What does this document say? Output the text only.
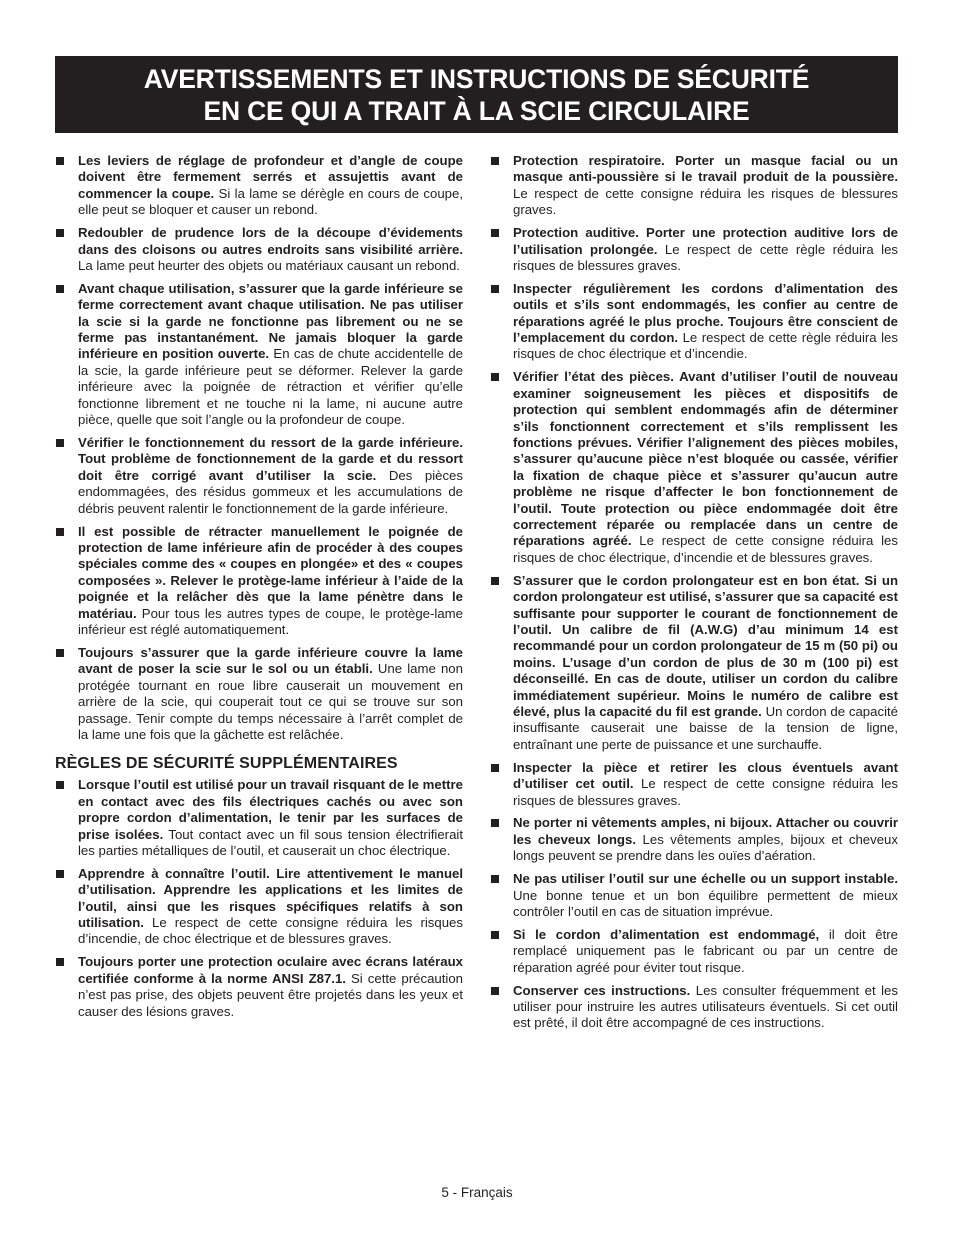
AVERTISSEMENTS ET INSTRUCTIONS DE SÉCURITÉ
EN CE QUI A TRAIT À LA SCIE CIRCULAIRE
Les leviers de réglage de profondeur et d’angle de coupe doivent être fermement serrés et assujettis avant de commencer la coupe. Si la lame se dérègle en cours de coupe, elle peut se bloquer et causer un rebond.
Redoubler de prudence lors de la découpe d’évidements dans des cloisons ou autres endroits sans visibilité arrière. La lame peut heurter des objets ou matériaux causant un rebond.
Avant chaque utilisation, s’assurer que la garde inférieure se ferme correctement avant chaque utilisation. Ne pas utiliser la scie si la garde ne fonctionne pas librement ou ne se ferme pas instantanément. Ne jamais bloquer la garde inférieure en position ouverte. En cas de chute accidentelle de la scie, la garde inférieure peut se déformer. Relever la garde inférieure avec la poignée de rétraction et vérifier qu’elle fonctionne librement et ne touche ni la lame, ni aucune autre pièce, quelle que soit l’angle ou la profondeur de coupe.
Vérifier le fonctionnement du ressort de la garde inférieure. Tout problème de fonctionnement de la garde et du ressort doit être corrigé avant d’utiliser la scie. Des pièces endommagées, des résidus gommeux et les accumulations de débris peuvent ralentir le fonctionnement de la garde inférieure.
Il est possible de rétracter manuellement le poignée de protection de lame inférieure afin de procéder à des coupes spéciales comme des « coupes en plongée» et des « coupes composées ». Relever le protège-lame inférieur à l’aide de la poignée et la relâcher dès que la lame pénètre dans le matériau. Pour tous les autres types de coupe, le protège-lame inférieur est réglé automatiquement.
Toujours s’assurer que la garde inférieure couvre la lame avant de poser la scie sur le sol ou un établi. Une lame non protégée tournant en roue libre causerait un mouvement en arrière de la scie, qui couperait tout ce qui se trouve sur son passage. Tenir compte du temps nécessaire à l’arrêt complet de la lame une fois que la gâchette est relâchée.
RÈGLES DE SÉCURITÉ SUPPLÉMENTAIRES
Lorsque l’outil est utilisé pour un travail risquant de le mettre en contact avec des fils électriques cachés ou avec son propre cordon d’alimentation, le tenir par les surfaces de prise isolées. Tout contact avec un fil sous tension électrifierait les parties métalliques de l’outil, et causerait un choc électrique.
Apprendre à connaître l’outil. Lire attentivement le manuel d’utilisation. Apprendre les applications et les limites de l’outil, ainsi que les risques spécifiques relatifs à son utilisation. Le respect de cette consigne réduira les risques d’incendie, de choc électrique et de blessures graves.
Toujours porter une protection oculaire avec écrans latéraux certifiée conforme à la norme ANSI Z87.1. Si cette précaution n’est pas prise, des objets peuvent être projetés dans les yeux et causer des lésions graves.
Protection respiratoire. Porter un masque facial ou un masque anti-poussière si le travail produit de la poussière. Le respect de cette consigne réduira les risques de blessures graves.
Protection auditive. Porter une protection auditive lors de l’utilisation prolongée. Le respect de cette règle réduira les risques de blessures graves.
Inspecter régulièrement les cordons d’alimentation des outils et s’ils sont endommagés, les confier au centre de réparations agréé le plus proche. Toujours être conscient de l’emplacement du cordon. Le respect de cette règle réduira les risques de choc électrique et d’incendie.
Vérifier l’état des pièces. Avant d’utiliser l’outil de nouveau examiner soigneusement les pièces et dispositifs de protection qui semblent endommagés afin de déterminer s’ils fonctionnent correctement et s’ils remplissent les fonctions prévues. Vérifier l’alignement des pièces mobiles, s’assurer qu’aucune pièce n’est bloquée ou cassée, vérifier la fixation de chaque pièce et s’assurer qu’aucun autre problème ne risque d’affecter le bon fonctionnement de l’outil. Toute protection ou pièce endommagée doit être correctement réparée ou remplacée dans un centre de réparations agréé. Le respect de cette consigne réduira les risques de choc électrique, d’incendie et de blessures graves.
S’assurer que le cordon prolongateur est en bon état. Si un cordon prolongateur est utilisé, s’assurer que sa capacité est suffisante pour supporter le courant de fonctionnement de l’outil. Un calibre de fil (A.W.G) d’au minimum 14 est recommandé pour un cordon prolongateur de 15 m (50 pi) ou moins. L’usage d’un cordon de plus de 30 m (100 pi) est déconseillé. En cas de doute, utiliser un cordon du calibre immédiatement supérieur. Moins le numéro de calibre est élevé, plus la capacité du fil est grande. Un cordon de capacité insuffisante causerait une baisse de la tension de ligne, entraînant une perte de puissance et une surchauffe.
Inspecter la pièce et retirer les clous éventuels avant d’utiliser cet outil. Le respect de cette consigne réduira les risques de blessures graves.
Ne porter ni vêtements amples, ni bijoux. Attacher ou couvrir les cheveux longs. Les vêtements amples, bijoux et cheveux longs peuvent se prendre dans les ouïes d’aération.
Ne pas utiliser l’outil sur une échelle ou un support instable. Une bonne tenue et un bon équilibre permettent de mieux contrôler l’outil en cas de situation imprévue.
Si le cordon d’alimentation est endommagé, il doit être remplacé uniquement pas le fabricant ou par un centre de réparation agréé pour éviter tout risque.
Conserver ces instructions. Les consulter fréquemment et les utiliser pour instruire les autres utilisateurs éventuels. Si cet outil est prêté, il doit être accompagné de ces instructions.
5 - Français
